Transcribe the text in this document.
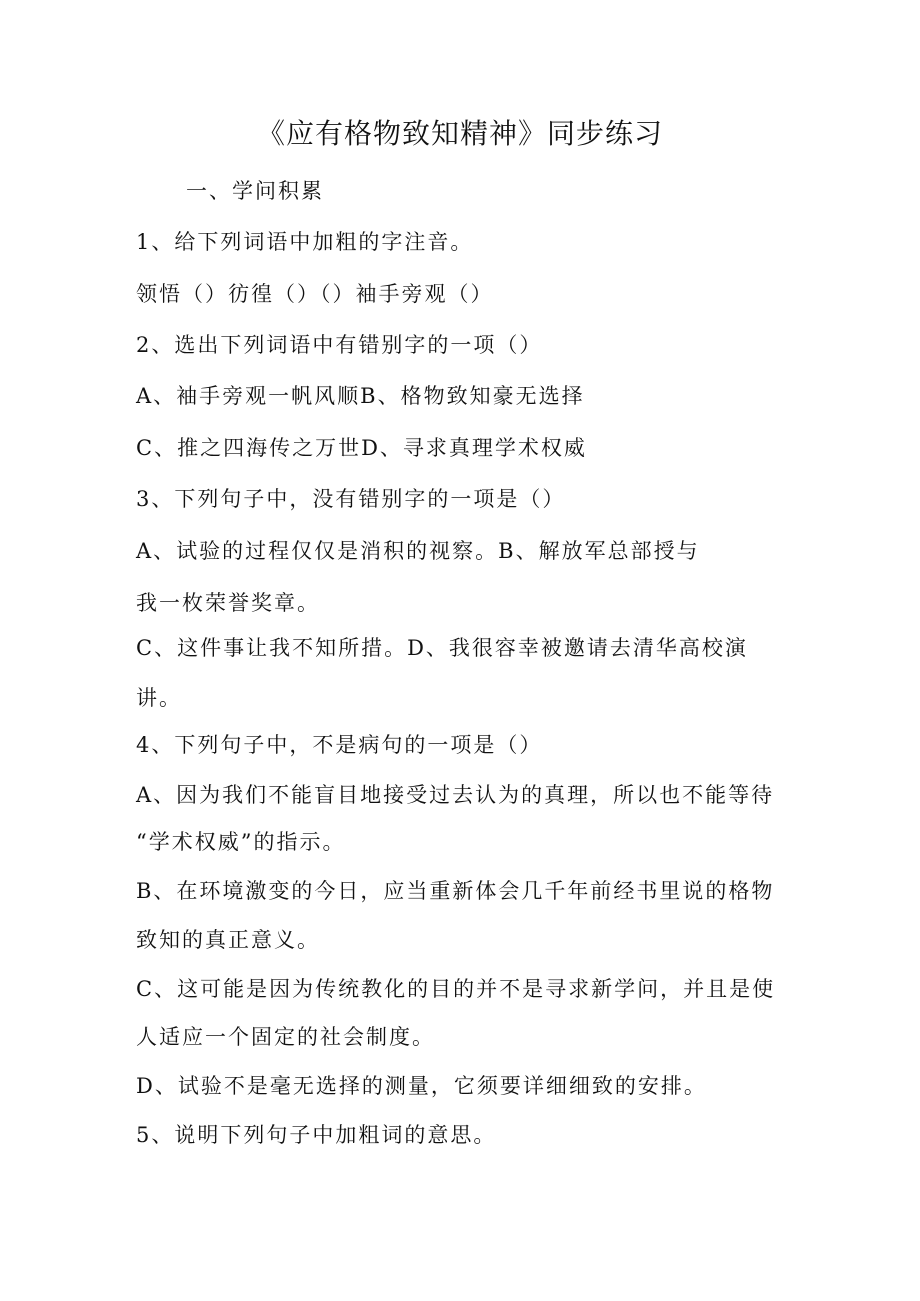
《应有格物致知精神》同步练习
一、学问积累
1、给下列词语中加粗的字注音。
领悟（）彷徨（）（）袖手旁观（）
2、选出下列词语中有错别字的一项（）
A、袖手旁观一帆风顺B、格物致知豪无选择
C、推之四海传之万世D、寻求真理学术权威
3、下列句子中，没有错别字的一项是（）
A、试验的过程仅仅是消积的视察。B、解放军总部授与
我一枚荣誉奖章。
C、这件事让我不知所措。D、我很容幸被邀请去清华高校演
讲。
4、下列句子中，不是病句的一项是（）
A、因为我们不能盲目地接受过去认为的真理，所以也不能等待
“学术权威”的指示。
B、在环境激变的今日，应当重新体会几千年前经书里说的格物
致知的真正意义。
C、这可能是因为传统教化的目的并不是寻求新学问，并且是使
人适应一个固定的社会制度。
D、试验不是毫无选择的测量，它须要详细细致的安排。
5、说明下列句子中加粗词的意思。
